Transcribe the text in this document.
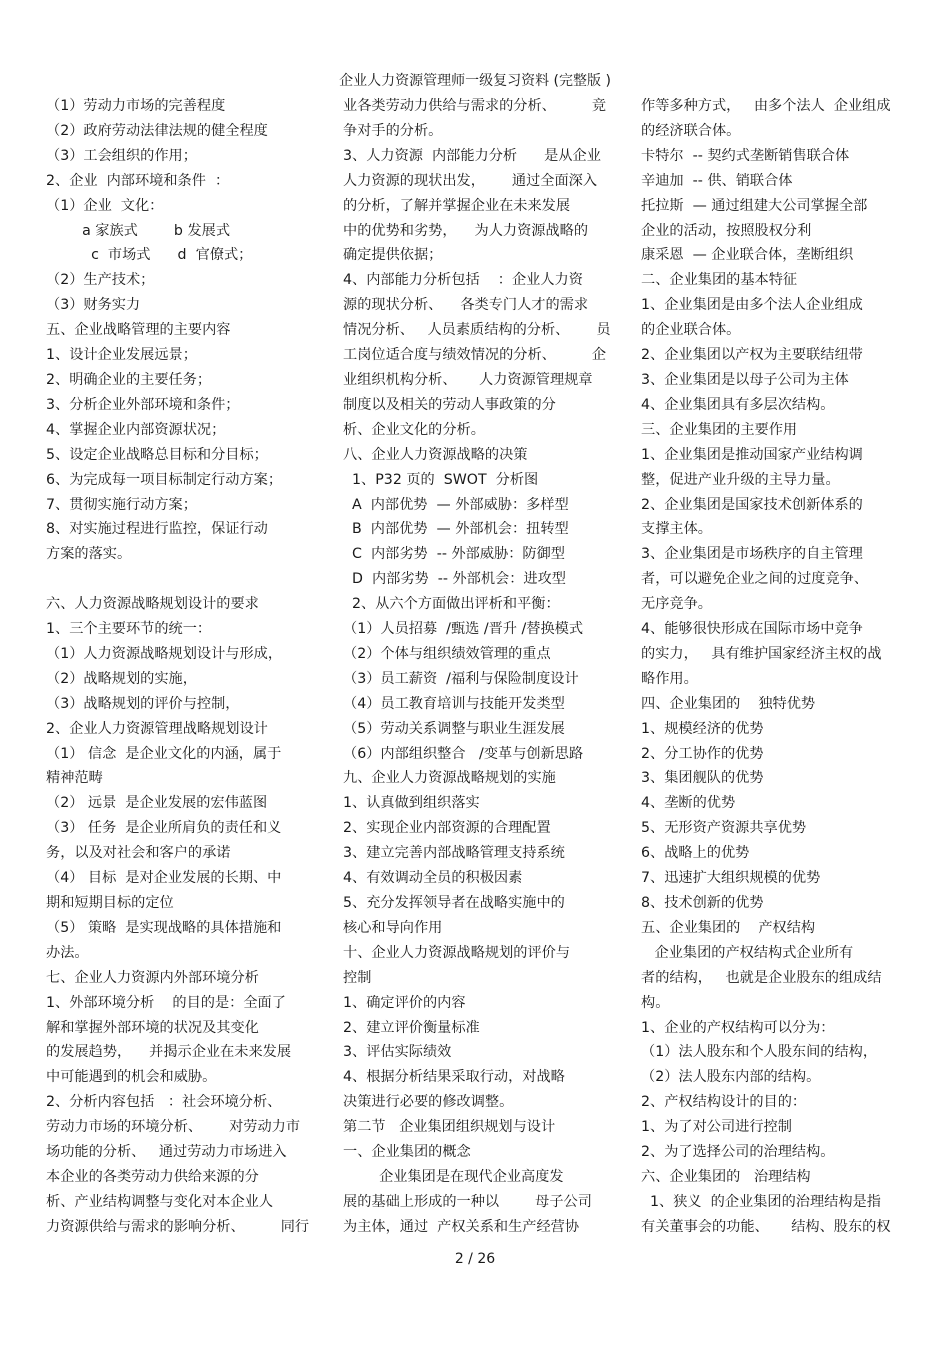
企业人力资源管理师一级复习资料 (完整版 )
（1）劳动力市场的完善程度
（2）政府劳动法律法规的健全程度
（3）工会组织的作用；
2、企业  内部环境和条件  ：
（1）企业  文化：
a 家族式        b 发展式
c  市场式      d  官僚式；
（2）生产技术；
（3）财务实力
五、企业战略管理的主要内容
1、设计企业发展远景；
2、明确企业的主要任务；
3、分析企业外部环境和条件；
4、掌握企业内部资源状况；
5、设定企业战略总目标和分目标；
6、为完成每一项目标制定行动方案；
7、贯彻实施行动方案；
8、对实施过程进行监控，保证行动
方案的落实。

六、人力资源战略规划设计的要求
1、三个主要环节的统一：
（1）人力资源战略规划设计与形成，
（2）战略规划的实施，
（3）战略规划的评价与控制，
2、企业人力资源管理战略规划设计
（1） 信念  是企业文化的内涵，属于
精神范畴
（2） 远景  是企业发展的宏伟蓝图
（3） 任务  是企业所肩负的责任和义
务，以及对社会和客户的承诺
（4） 目标  是对企业发展的长期、中
期和短期目标的定位
（5） 策略  是实现战略的具体措施和
办法。
七、企业人力资源内外部环境分析
1、外部环境分析    的目的是：全面了
解和掌握外部环境的状况及其变化
的发展趋势，    并揭示企业在未来发展
中可能遇到的机会和威胁。
2、分析内容包括   ：社会环境分析、
劳动力市场的环境分析、      对劳动力市
场功能的分析、   通过劳动力市场进入
本企业的各类劳动力供给来源的分
析、产业结构调整与变化对本企业人
力资源供给与需求的影响分析、        同行
业各类劳动力供给与需求的分析、        竞
争对手的分析。
3、人力资源  内部能力分析      是从企业
人力资源的现状出发，      通过全面深入
的分析，了解并掌握企业在未来发展
中的优势和劣势，    为人力资源战略的
确定提供依据；
4、内部能力分析包括    ：企业人力资
源的现状分析、    各类专门人才的需求
情况分析、   人员素质结构的分析、      员
工岗位适合度与绩效情况的分析、        企
业组织机构分析、     人力资源管理规章
制度以及相关的劳动人事政策的分
析、企业文化的分析。
八、企业人力资源战略的决策
1、P32 页的  SWOT  分析图
A  内部优势  — 外部威胁：多样型
B  内部优势  — 外部机会：扭转型
C  内部劣势  -- 外部威胁：防御型
D  内部劣势  -- 外部机会：进攻型
2、从六个方面做出评析和平衡：
（1）人员招募  /甄选 /晋升 /替换模式
（2）个体与组织绩效管理的重点
（3）员工薪资  /福利与保险制度设计
（4）员工教育培训与技能开发类型
（5）劳动关系调整与职业生涯发展
（6）内部组织整合   /变革与创新思路
九、企业人力资源战略规划的实施
1、认真做到组织落实
2、实现企业内部资源的合理配置
3、建立完善内部战略管理支持系统
4、有效调动全员的积极因素
5、充分发挥领导者在战略实施中的
核心和导向作用
十、企业人力资源战略规划的评价与
控制
1、确定评价的内容
2、建立评价衡量标准
3、评估实际绩效
4、根据分析结果采取行动，对战略
决策进行必要的修改调整。
第二节   企业集团组织规划与设计
一、企业集团的概念
企业集团是在现代企业高度发
展的基础上形成的一种以        母子公司
为主体，通过  产权关系和生产经营协
作等多种方式，   由多个法人  企业组成
的经济联合体。
卡特尔  -- 契约式垄断销售联合体
辛迪加  -- 供、销联合体
托拉斯  — 通过组建大公司掌握全部
企业的活动，按照股权分利
康采恩  — 企业联合体，垄断组织
二、企业集团的基本特征
1、企业集团是由多个法人企业组成
的企业联合体。
2、企业集团以产权为主要联结纽带
3、企业集团是以母子公司为主体
4、企业集团具有多层次结构。
三、企业集团的主要作用
1、企业集团是推动国家产业结构调
整，促进产业升级的主导力量。
2、企业集团是国家技术创新体系的
支撑主体。
3、企业集团是市场秩序的自主管理
者，可以避免企业之间的过度竞争、
无序竞争。
4、能够很快形成在国际市场中竞争
的实力，   具有维护国家经济主权的战
略作用。
四、企业集团的    独特优势
1、规模经济的优势
2、分工协作的优势
3、集团舰队的优势
4、垄断的优势
5、无形资产资源共享优势
6、战略上的优势
7、迅速扩大组织规模的优势
8、技术创新的优势
五、企业集团的    产权结构
企业集团的产权结构式企业所有
者的结构，   也就是企业股东的组成结
构。
1、企业的产权结构可以分为：
（1）法人股东和个人股东间的结构，
（2）法人股东内部的结构。
2、产权结构设计的目的：
1、为了对公司进行控制
2、为了选择公司的治理结构。
六、企业集团的   治理结构
1、狭义  的企业集团的治理结构是指
有关董事会的功能、     结构、股东的权
2 / 26
